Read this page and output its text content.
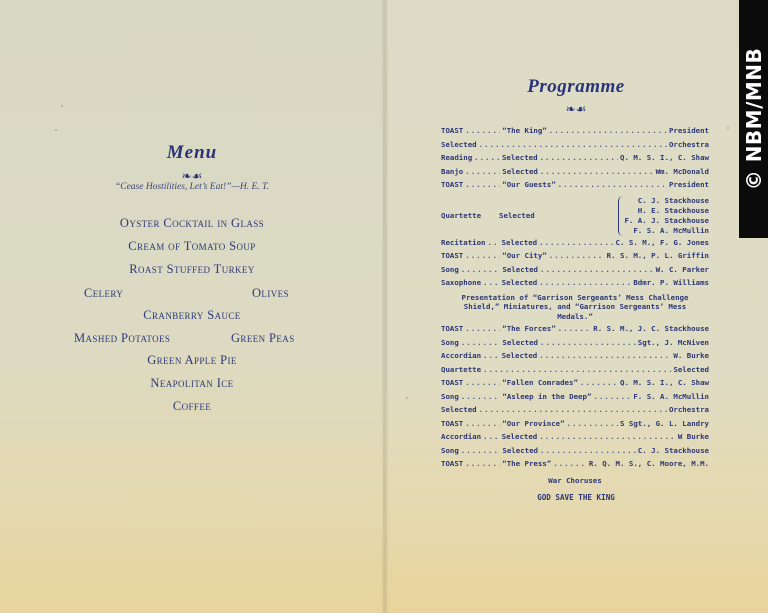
Menu
❧☙
“Cease Hostilities, Let’s Eat!”—H. E. T.
Oyster Cocktail in Glass
Cream of Tomato Soup
Roast Stuffed Turkey
Celery	Olives
Cranberry Sauce
Mashed Potatoes	Green Peas
Green Apple Pie
Neapolitan Ice
Coffee
Programme
❧☙
TOAST .....	“The King” .....	President
Selected .....	Orchestra
Reading .....	Selected .....	Q. M. S. I., C. Shaw
Banjo .....	Selected .....	Wm. McDonald
TOAST .....	“Our Guests” .....	President
Quartette Selected
C. J. Stackhouse
H. E. Stackhouse
F. A. J. Stackhouse
F. S. A. McMullin
Recitation ..... Selected .....	C. S. M., F. G. Jones
TOAST .....	“Our City” .....	R. S. M., P. L. Griffin
Song .....	Selected .....	W. C. Parker
Saxophone .....	Selected .....	Bdmr. P. Williams
Presentation of “Garrison Sergeants’ Mess Challenge Shield,” Miniatures, and “Garrison Sergeants’ Mess Medals.”
TOAST .....	“The Forces” .....	R. S. M., J. C. Stackhouse
Song .....	Selected .....	Sgt., J. McNiven
Accordian .....	Selected .....	W. Burke
Quartette .....	Selected
TOAST .....	“Fallen Comrades” .....	Q. M. S. I., C. Shaw
Song .....	“Asleep in the Deep” .....	F. S. A. McMullin
Selected .....	Orchestra
TOAST .....	“Our Province” .....	S Sgt., G. L. Landry
Accordian .....	Selected .....	W Burke
Song .....	Selected .....	C. J. Stackhouse
TOAST .....	“The Press” .....	R. Q. M. S., C. Moore, M.M.
War Choruses
GOD SAVE THE KING
© NBM/MNB
